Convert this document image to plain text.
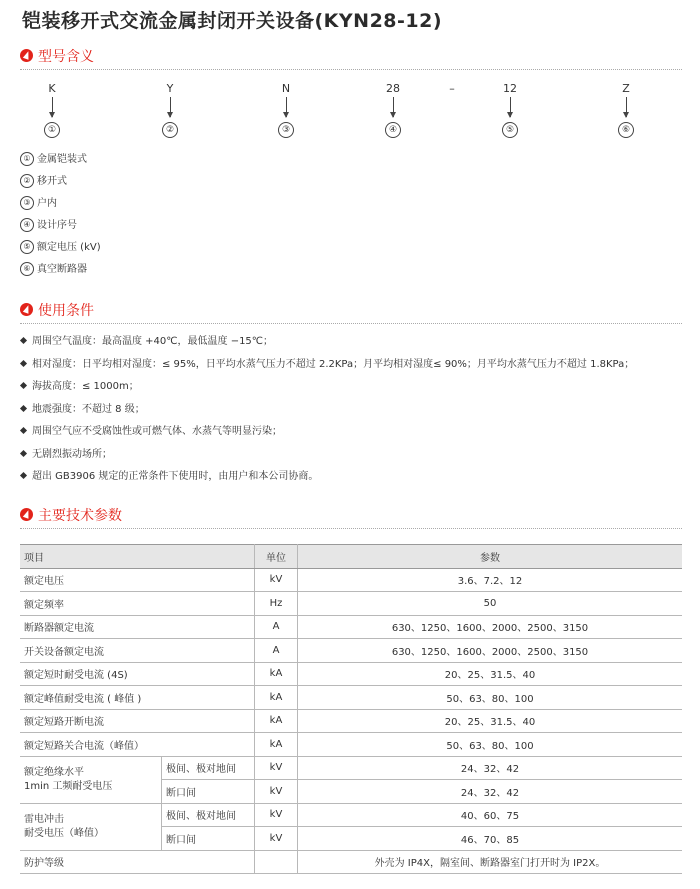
铠装移开式交流金属封闭开关设备(KYN28-12)
型号含义
K	Y	N	28	–	12	Z
①	②	③	④	⑤	⑥
① 金属铠装式
② 移开式
③ 户内
④ 设计序号
⑤ 额定电压 (kV)
⑥ 真空断路器
使用条件
周围空气温度：最高温度 +40℃，最低温度 −15℃；
相对湿度：日平均相对湿度：≤ 95%，日平均水蒸气压力不超过 2.2KPa；月平均相对湿度≤ 90%；月平均水蒸气压力不超过 1.8KPa；
海拔高度：≤ 1000m；
地震强度：不超过 8 级；
周围空气应不受腐蚀性或可燃气体、水蒸气等明显污染；
无剧烈振动场所；
超出 GB3906 规定的正常条件下使用时，由用户和本公司协商。
主要技术参数
项目		单位	参数
额定电压		kV	3.6、7.2、12
额定频率		Hz	50
断路器额定电流		A	630、1250、1600、2000、2500、3150
开关设备额定电流		A	630、1250、1600、2000、2500、3150
额定短时耐受电流 (4S)		kA	20、25、31.5、40
额定峰值耐受电流 ( 峰值 )		kA	50、63、80、100
额定短路开断电流		kA	20、25、31.5、40
额定短路关合电流（峰值）		kA	50、63、80、100

额定绝缘水平
1min 工频耐受电压	极间、极对地间	kV	24、32、42
	断口间	kV	24、32、42

雷电冲击
耐受电压（峰值）	极间、极对地间	kV	40、60、75
	断口间	kV	46、70、85
防护等级			外壳为 IP4X，隔室间、断路器室门打开时为 IP2X。
